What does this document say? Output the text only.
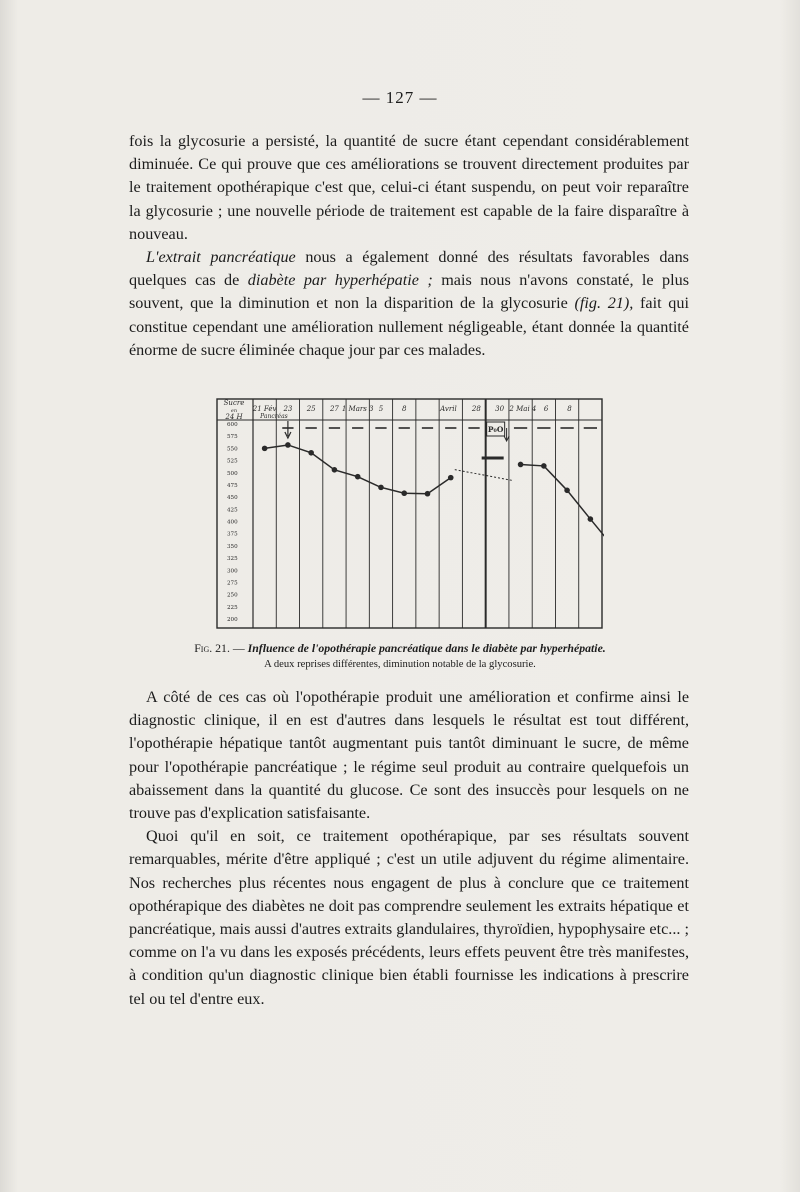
— 127 —

fois la glycosurie a persisté, la quantité de sucre étant cependant considérablement diminuée. Ce qui prouve que ces améliorations se trouvent directement produites par le traitement opothérapique c'est que, celui-ci étant suspendu, on peut voir reparaître la glycosurie ; une nouvelle période de traitement est capable de la faire disparaître à nouveau.

L'extrait pancréatique nous a également donné des résultats favorables dans quelques cas de diabète par hyperhépatie ; mais nous n'avons constaté, le plus souvent, que la diminution et non la disparition de la glycosurie (fig. 21), fait qui constitue cependant une amélioration nullement négligeable, étant donnée la quantité énorme de sucre éliminée chaque jour par ces malades.

Sucre
en
24 H
600
575
550
525
500
475
450
425
400
375
350
325
300
275
250
225
200
21 Fév 23 25 27 1 Mars 3 5	8	Avril 28 30 2 Mai 4 6	8
Pancréas
P₀O
Fig. 21. — Influence de l'opothérapie pancréatique dans le diabète par hyperhépatie.
A deux reprises différentes, diminution notable de la glycosurie.

A côté de ces cas où l'opothérapie produit une amélioration et confirme ainsi le diagnostic clinique, il en est d'autres dans lesquels le résultat est tout différent, l'opothérapie hépatique tantôt augmentant puis tantôt diminuant le sucre, de même pour l'opothérapie pancréatique ; le régime seul produit au contraire quelquefois un abaissement dans la quantité du glucose. Ce sont des insuccès pour lesquels on ne trouve pas d'explication satisfaisante.

Quoi qu'il en soit, ce traitement opothérapique, par ses résultats souvent remarquables, mérite d'être appliqué ; c'est un utile adjuvent du régime alimentaire. Nos recherches plus récentes nous engagent de plus à conclure que ce traitement opothérapique des diabètes ne doit pas comprendre seulement les extraits hépatique et pancréatique, mais aussi d'autres extraits glandulaires, thyroïdien, hypophysaire etc... ; comme on l'a vu dans les exposés précédents, leurs effets peuvent être très manifestes, à condition qu'un diagnostic clinique bien établi fournisse les indications à prescrire tel ou tel d'entre eux.
